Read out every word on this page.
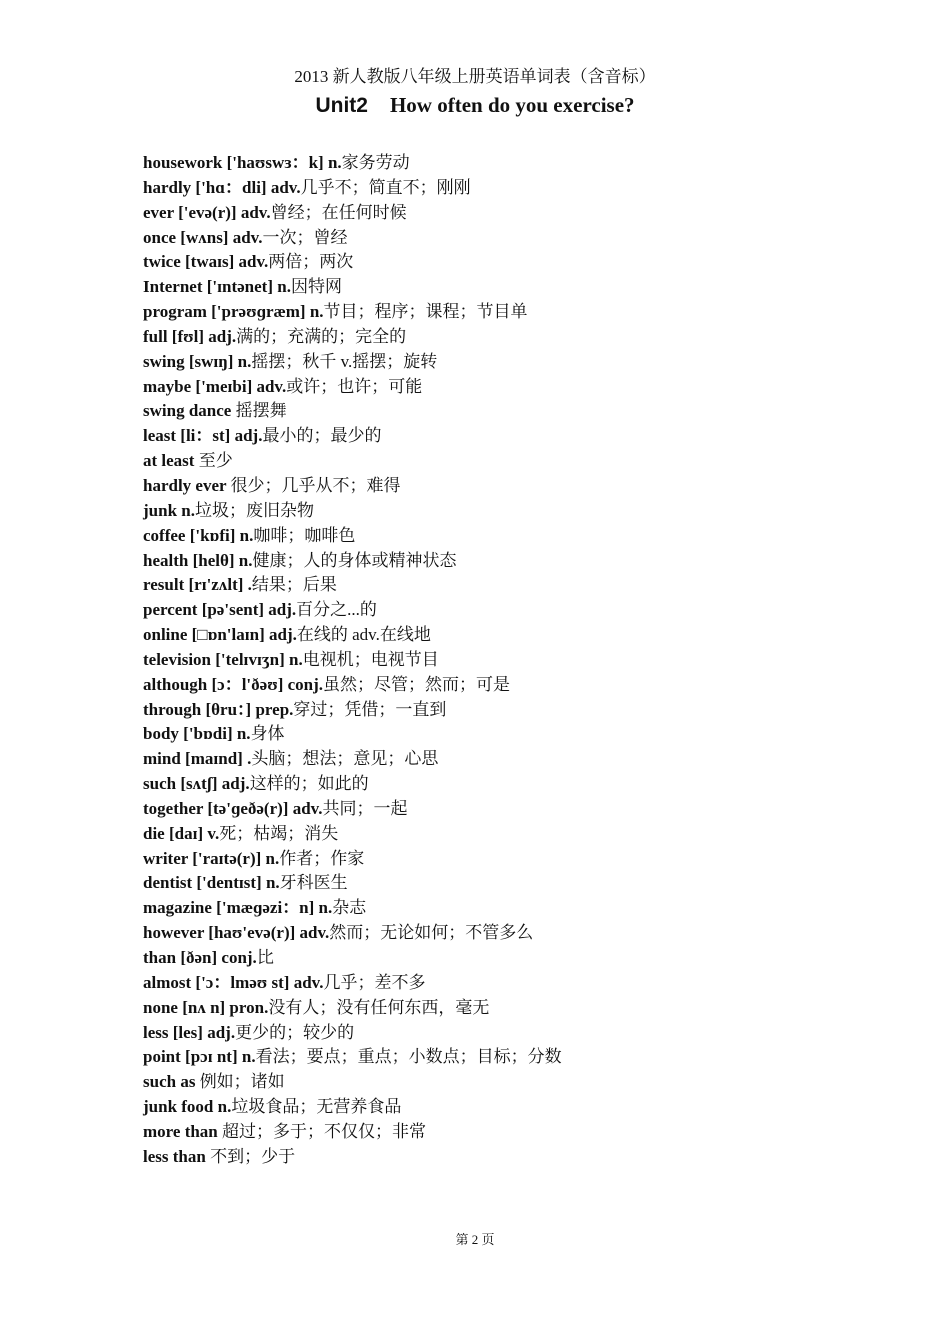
2013 新人教版八年级上册英语单词表（含音标）
Unit2 How often do you exercise?
housework ['haʊswɜ：k] n.家务劳动
hardly ['hɑ：dli] adv.几乎不；简直不；刚刚
ever ['evə(r)] adv.曾经；在任何时候
once [wʌns] adv.一次；曾经
twice [twaɪs] adv.两倍；两次
Internet ['ɪntənet] n.因特网
program ['prəʊɡræm] n.节目；程序；课程；节目单
full [fʊl] adj.满的；充满的；完全的
swing [swɪŋ] n.摇摆；秋千 v.摇摆；旋转
maybe ['meɪbi] adv.或许；也许；可能
swing dance 摇摆舞
least [li：st] adj.最小的；最少的
at least 至少
hardly ever 很少；几乎从不；难得
junk n.垃圾；废旧杂物
coffee ['kɒfi] n.咖啡；咖啡色
health [helθ] n.健康；人的身体或精神状态
result [rɪ'zʌlt] .结果；后果
percent [pə'sent] adj.百分之...的
online [□ɒn'laɪn] adj.在线的 adv.在线地
television ['telɪvɪʒn] n.电视机；电视节目
although [ɔ：l'ðəʊ] conj.虽然；尽管；然而；可是
through [θru：] prep.穿过；凭借；一直到
body ['bɒdi] n.身体
mind [maɪnd] .头脑；想法；意见；心思
such [sʌtʃ] adj.这样的；如此的
together [tə'ɡeðə(r)] adv.共同；一起
die [daɪ] v.死；枯竭；消失
writer ['raɪtə(r)] n.作者；作家
dentist ['dentɪst] n.牙科医生
magazine ['mæɡəzi：n] n.杂志
however [haʊ'evə(r)] adv.然而；无论如何；不管多么
than [ðən] conj.比
almost ['ɔ：lməʊ st] adv.几乎；差不多
none [nʌ n] pron.没有人；没有任何东西，毫无
less [les] adj.更少的；较少的
point [pɔɪ nt] n.看法；要点；重点；小数点；目标；分数
such as 例如；诸如
junk food n.垃圾食品；无营养食品
more than 超过；多于；不仅仅；非常
less than 不到；少于
第 2 页
